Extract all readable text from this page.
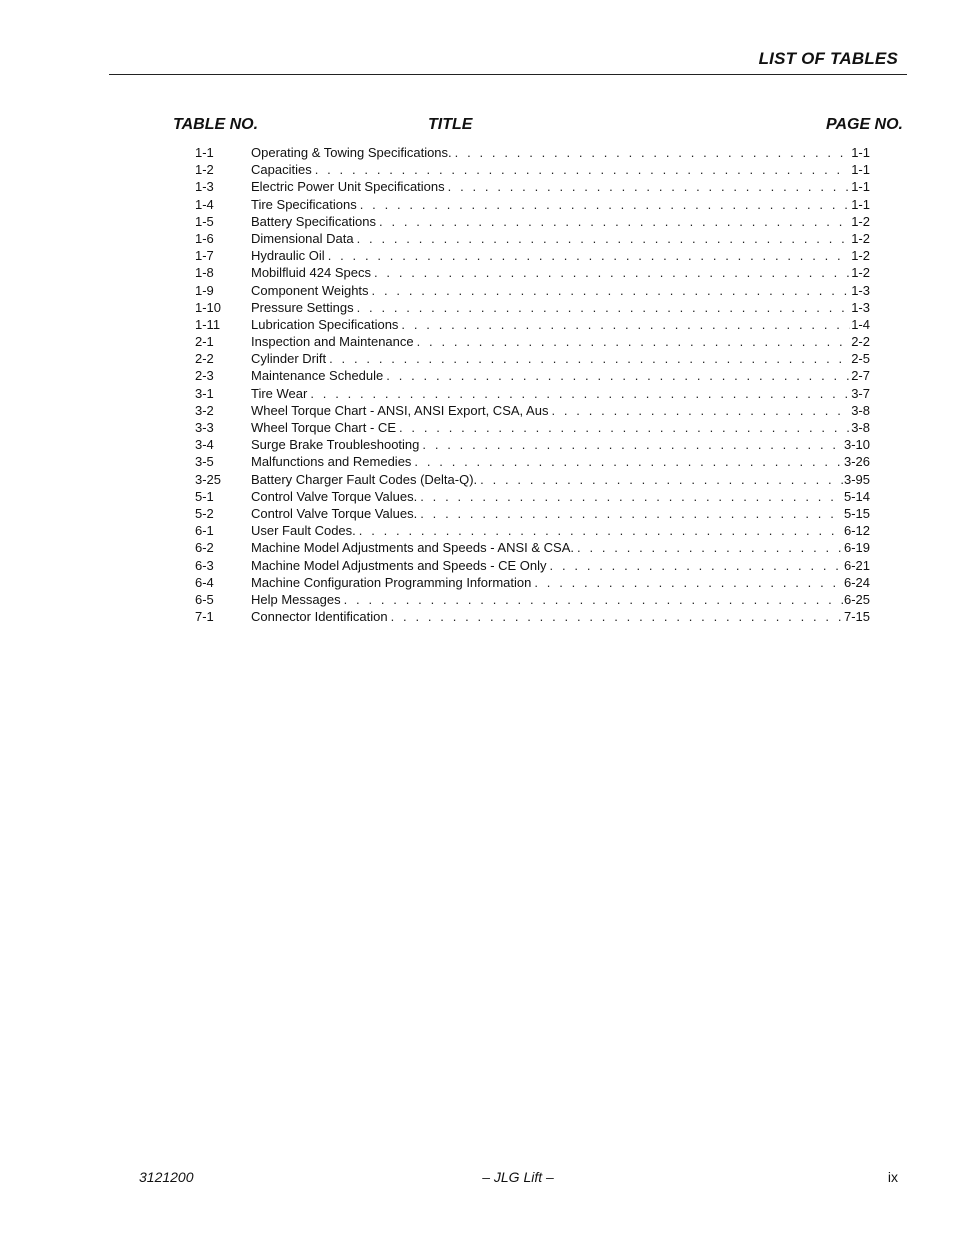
LIST OF TABLES
TABLE NO.	TITLE	PAGE NO.
1-1	Operating & Towing Specifications. . . .	1-1
1-2	Capacities . . .	1-1
1-3	Electric Power Unit Specifications . . .	1-1
1-4	Tire Specifications . . .	1-1
1-5	Battery Specifications . . .	1-2
1-6	Dimensional Data . . .	1-2
1-7	Hydraulic Oil . . .	1-2
1-8	Mobilfluid 424 Specs . . .	1-2
1-9	Component Weights . . .	1-3
1-10 Pressure Settings . . .	1-3
1-11 Lubrication Specifications . . .	1-4
2-1	Inspection and Maintenance . . .	2-2
2-2	Cylinder Drift . . .	2-5
2-3	Maintenance Schedule . . .	2-7
3-1	Tire Wear . . .	3-7
3-2	Wheel Torque Chart - ANSI, ANSI Export, CSA, Aus . . .	3-8
3-3	Wheel Torque Chart - CE . . .	3-8
3-4	Surge Brake Troubleshooting . . .	3-10
3-5	Malfunctions and Remedies . . .	3-26
3-25 Battery Charger Fault Codes (Delta-Q). . . .	3-95
5-1	Control Valve Torque Values. . . .	5-14
5-2	Control Valve Torque Values. . . .	5-15
6-1	User Fault Codes. . . .	6-12
6-2	Machine Model Adjustments and Speeds - ANSI & CSA. . . .	6-19
6-3	Machine Model Adjustments and Speeds - CE Only . . .	6-21
6-4	Machine Configuration Programming Information . . .	6-24
6-5	Help Messages . . .	6-25
7-1	Connector Identification . . .	7-15
3121200	– JLG Lift –	ix
